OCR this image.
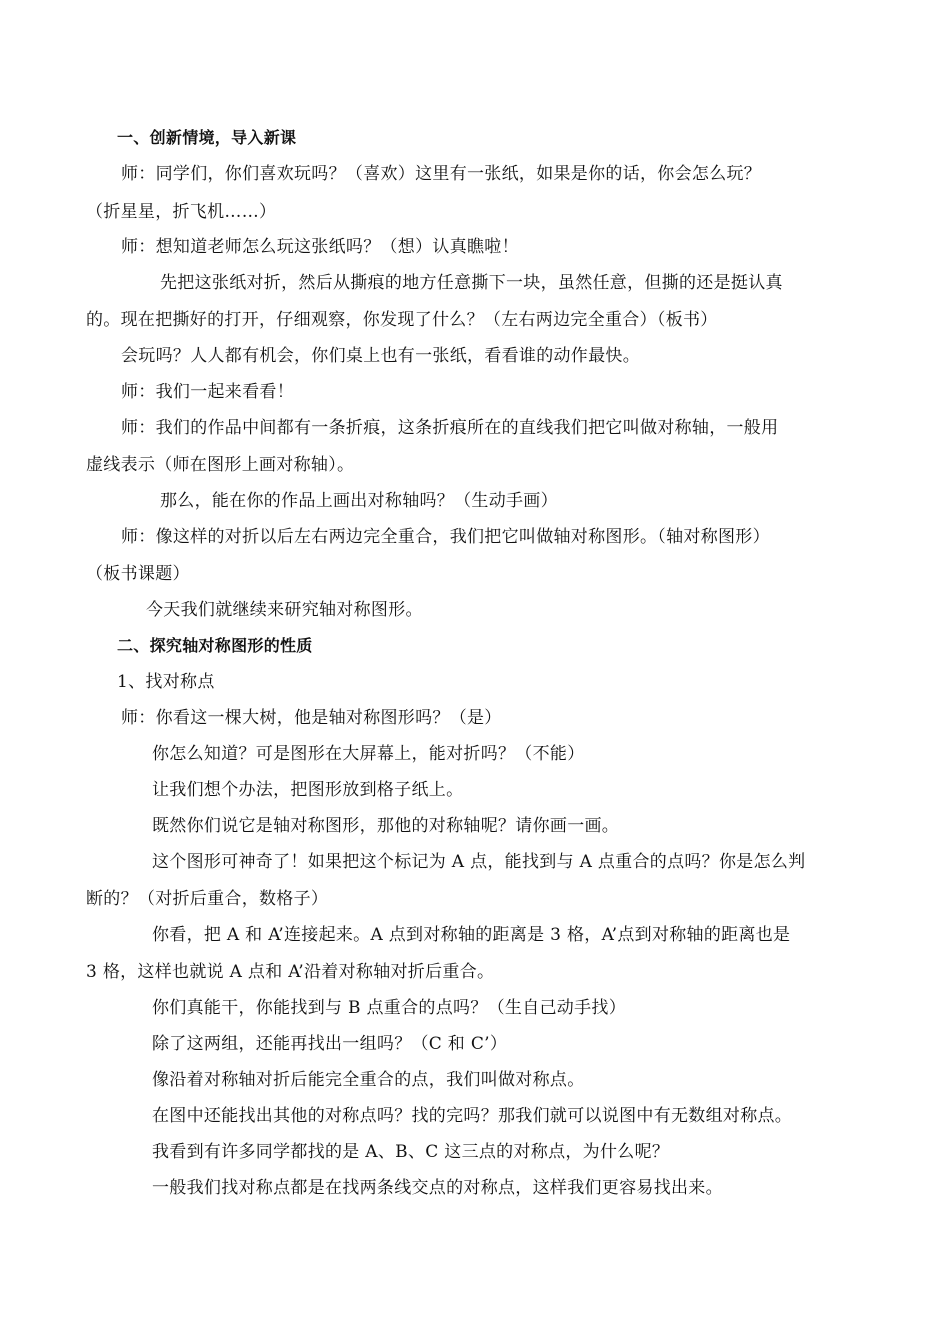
一、创新情境，导入新课
师：同学们，你们喜欢玩吗？（喜欢）这里有一张纸，如果是你的话，你会怎么玩？
（折星星，折飞机……）
师：想知道老师怎么玩这张纸吗？（想）认真瞧啦！
先把这张纸对折，然后从撕痕的地方任意撕下一块，虽然任意，但撕的还是挺认真
的。现在把撕好的打开，仔细观察，你发现了什么？（左右两边完全重合）（板书）
会玩吗？人人都有机会，你们桌上也有一张纸，看看谁的动作最快。
师：我们一起来看看！
师：我们的作品中间都有一条折痕，这条折痕所在的直线我们把它叫做对称轴，一般用
虚线表示（师在图形上画对称轴）。
那么，能在你的作品上画出对称轴吗？（生动手画）
师：像这样的对折以后左右两边完全重合，我们把它叫做轴对称图形。（轴对称图形）
（板书课题）
今天我们就继续来研究轴对称图形。
二、探究轴对称图形的性质
1、找对称点
师：你看这一棵大树，他是轴对称图形吗？（是）
你怎么知道？可是图形在大屏幕上，能对折吗？（不能）
让我们想个办法，把图形放到格子纸上。
既然你们说它是轴对称图形，那他的对称轴呢？请你画一画。
这个图形可神奇了！如果把这个标记为 A 点，能找到与 A 点重合的点吗？你是怎么判
断的？（对折后重合，数格子）
你看，把 A 和 A’连接起来。A 点到对称轴的距离是 3 格，A’点到对称轴的距离也是
3 格，这样也就说 A 点和 A’沿着对称轴对折后重合。
你们真能干，你能找到与 B 点重合的点吗？（生自己动手找）
除了这两组，还能再找出一组吗？（C 和 C’）
像沿着对称轴对折后能完全重合的点，我们叫做对称点。
在图中还能找出其他的对称点吗？找的完吗？那我们就可以说图中有无数组对称点。
我看到有许多同学都找的是 A、B、C 这三点的对称点，为什么呢？
一般我们找对称点都是在找两条线交点的对称点，这样我们更容易找出来。
